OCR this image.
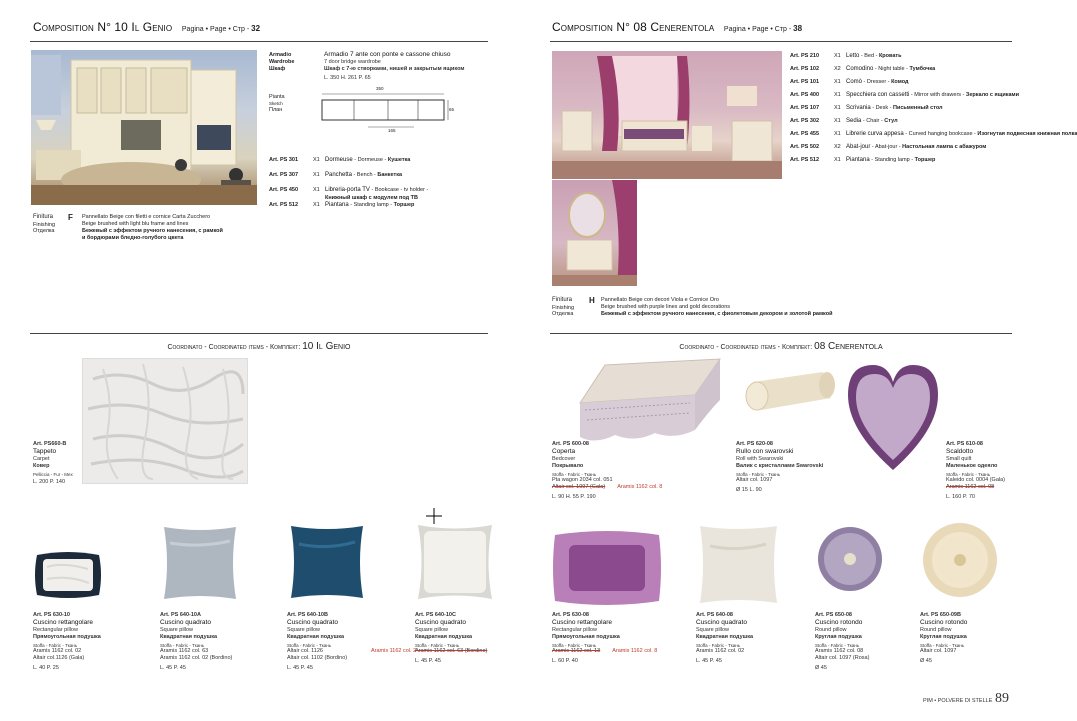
Composition N° 10 Il Genio Pagina • Page • Стр - 32
Armadio
Wardrobe
Шкаф
Armadio 7 ante con ponte e cassone chiuso
7 door bridge wardrobe
Шкаф с 7-ю створками, нишей и закрытым ящиком
L. 350 H. 261 P. 65
Pianta
Sketch
План
350
165
65
Art. PS 301	X1 Dormeuse - Dormeuse - Кушетка
Art. PS 307	X1 Panchetta - Bench - Банкетка
Art. PS 450	X1 Libreria-porta TV - Bookcase - tv holder -
Книжный шкаф с модулем под ТВ
Art. PS 512	X1 Piantana - Standing lamp - Торшер
Finitura
Finishing
Отделка
F Pannellato Beige con filetti e cornice Carta Zucchero
Beige brushed with light blu frame and lines
Бежевый с эффектом ручного нанесения, с рамкой
и бордюрами бледно-голубого цвета
Coordinato - Coordinated items - Комплект: 10 Il Genio
Art. PS660-B
Tappeto
Carpet
Ковер
Pelliccia - Fur - Мех
L. 200 P. 140
Art. PS 630-10
Cuscino rettangolare
Rectangular pillow
Прямоугольная подушка
Stoffa - Fabric - Ткань
Aramis 1162 col. 02
Altair col.1126 (Gala)
L. 40 P. 25
Art. PS 640-10A
Cuscino quadrato
Square pillow
Квадратная подушка
Stoffa - Fabric - Ткань
Aramis 1162 col. 63
Aramis 1162 col. 02 (Bordino)
L. 45 P. 45
Art. PS 640-10B
Cuscino quadrato
Square pillow
Квадратная подушка
Stoffa - Fabric - Ткань
Altair col. 1126
Altair col. 1102 (Bordino)
L. 45 P. 45
Art. PS 640-10C
Cuscino quadrato
Square pillow
Квадратная подушка
Stoffa - Fabric - Ткань
Aramis 1162 col. 2
Aramis 1162 col. 63 (Bordino)
L. 45 P. 45
Composition N° 08 Cenerentola Pagina • Page • Стр - 38
Art. PS 210	X1 Letto - Bed - Кровать
Art. PS 102	X2 Comodino - Night table - Тумбочка
Art. PS 101	X1 Comò - Dresser - Комод
Art. PS 400	X1 Specchiera con cassetti - Mirror with drawers - Зеркало с ящиками
Art. PS 107	X1 Scrivania - Desk - Письменный стол
Art. PS 302	X1 Sedia - Chair - Стул
Art. PS 455	X1 Librerie curva appesa - Curved hanging bookcase - Изогнутая подвесная книжная полка
Art. PS 502	X2 Abat-jour - Abat-jour - Настольная лампа с абажуром
Art. PS 512	X1 Piantana - Standing lamp - Торшер
Finitura
Finishing
Отделка
H Pannellato Beige con decori Viola e Cornice Oro
Beige brushed with purple lines and gold decorations
Бежевый с эффектом ручного нанесения, с фиолетовым декором и золотой рамкой
Coordinato - Coordinated items - Комплект: 08 Cenerentola
Art. PS 600-08
Coperta
Bedcover
Покрывало
Stoffa - Fabric - Ткань
Pta wagon 2034 col. 051
Altair col. 1097 (Gala) Aramis 1162 col. 8
L. 90 H. 55 P. 190
Art. PS 620-08
Rullo con swarovski
Roll with Swarovski
Валик с кристаллами Swarovski
Stoffa - Fabric - Ткань
Altair col. 1097
Ø 15 L. 90
Art. PS 610-08
Scaldotto
Small quilt
Маленькое одеяло
Stoffa - Fabric - Ткань
Kaleido col. 0004 (Gala)
Aramis 1162 col. 08
L. 160 P. 70
Art. PS 630-08
Cuscino rettangolare
Rectangular pillow
Прямоугольная подушка
Stoffa - Fabric - Ткань
Aramis 1162 col. 13 Aramis 1162 col. 8
L. 60 P. 40
Art. PS 640-08
Cuscino quadrato
Square pillow
Квадратная подушка
Stoffa - Fabric - Ткань
Aramis 1162 col. 02
L. 45 P. 45
Art. PS 650-08
Cuscino rotondo
Round pillow
Круглая подушка
Stoffa - Fabric - Ткань
Aramis 1162 col. 08
Altair col. 1097 (Rosa)
Ø 45
Art. PS 650-09B
Cuscino rotondo
Round pillow
Круглая подушка
Stoffa - Fabric - Ткань
Altair col. 1097
Ø 45
PIM • POLVERE DI STELLE 89
